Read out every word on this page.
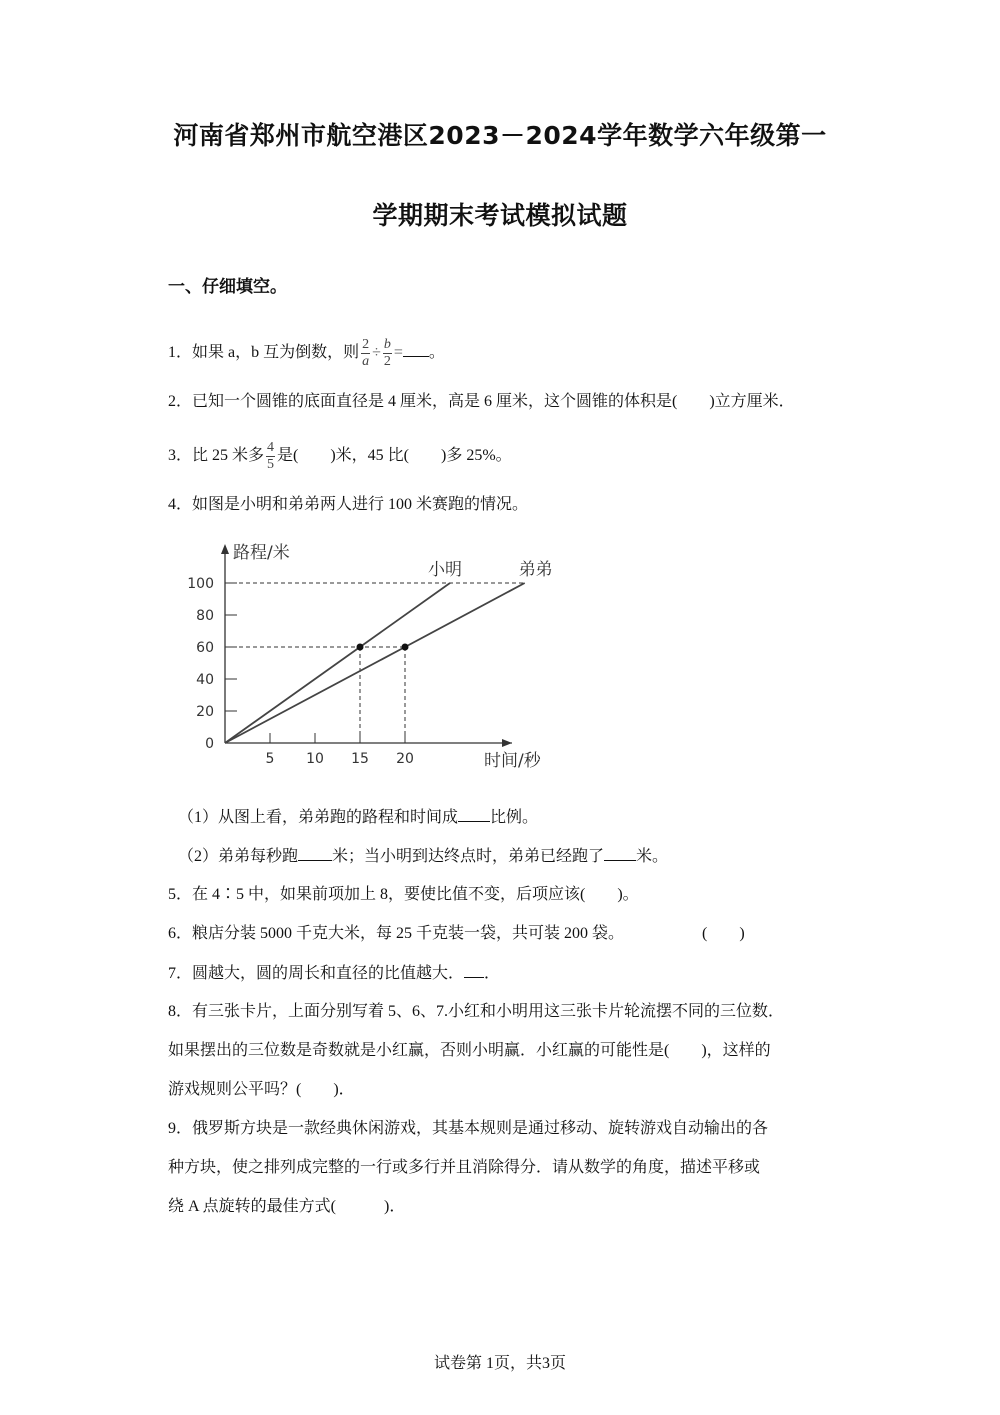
河南省郑州市航空港区2023－2024学年数学六年级第一
学期期末考试模拟试题
一、仔细填空。
1．如果 a，b 互为倒数，则 $\frac{2}{a} \div \frac{b}{2}$ = 。
2．已知一个圆锥的底面直径是 4 厘米，高是 6 厘米，这个圆锥的体积是(　　)立方厘米．
3．比 25 米多 $\frac{4}{5}$ 是(　　)米，45 比(　　)多 25%。
4．如图是小明和弟弟两人进行 100 米赛跑的情况。
0
20
40
60
80
100
5 10 15 20
小明	弟弟
路程/米
时间/秒
（1）从图上看，弟弟跑的路程和时间成 比例。
（2）弟弟每秒跑 米；当小明到达终点时，弟弟已经跑了 米。
5．在 4∶5 中，如果前项加上 8，要使比值不变，后项应该(　　)。
6．粮店分装 5000 千克大米，每 25 千克装一袋，共可装 200 袋。	(　　)
7．圆越大，圆的周长和直径的比值越大． ．
8．有三张卡片，上面分别写着 5、6、7.小红和小明用这三张卡片轮流摆不同的三位数．
如果摆出的三位数是奇数就是小红赢，否则小明赢．小红赢的可能性是(　　)，这样的
游戏规则公平吗？(　　)．
9．俄罗斯方块是一款经典休闲游戏，其基本规则是通过移动、旋转游戏自动输出的各
种方块，使之排列成完整的一行或多行并且消除得分．请从数学的角度，描述平移或
绕 A 点旋转的最佳方式(　　　)．
试卷第 1页，共3页
